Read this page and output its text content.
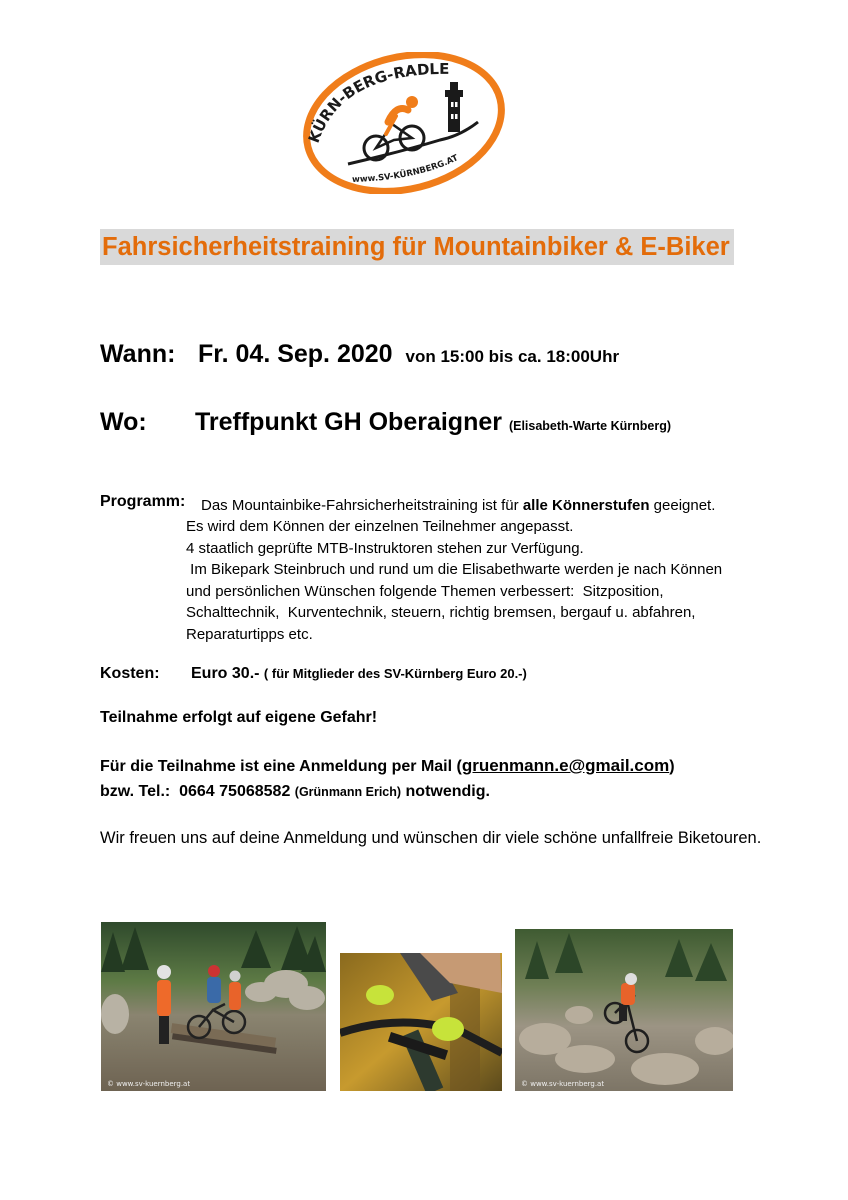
KÜRN-BERG-RADLE
www.SV-KÜRNBERG.AT
Fahrsicherheitstraining für Mountainbiker & E-Biker
Wann: Fr. 04. Sep. 2020 von 15:00 bis ca. 18:00Uhr
Wo: Treffpunkt GH Oberaigner (Elisabeth-Warte Kürnberg)
Programm: Das Mountainbike-Fahrsicherheitstraining ist für alle Könnerstufen geeignet.
Es wird dem Können der einzelnen Teilnehmer angepasst.
4 staatlich geprüfte MTB-Instruktoren stehen zur Verfügung.
Im Bikepark Steinbruch und rund um die Elisabethwarte werden je nach Können
und persönlichen Wünschen folgende Themen verbessert:  Sitzposition,
Schalttechnik,  Kurventechnik, steuern, richtig bremsen, bergauf u. abfahren,
Reparaturtipps etc.
Kosten: Euro 30.- ( für Mitglieder des SV-Kürnberg Euro 20.-)
Teilnahme erfolgt auf eigene Gefahr!
Für die Teilnahme ist eine Anmeldung per Mail (gruenmann.e@gmail.com)
bzw. Tel.:  0664 75068582 (Grünmann Erich) notwendig.
Wir freuen uns auf deine Anmeldung und wünschen dir viele schöne unfallfreie Biketouren.
© www.sv-kuernberg.at	© www.sv-kuernberg.at
